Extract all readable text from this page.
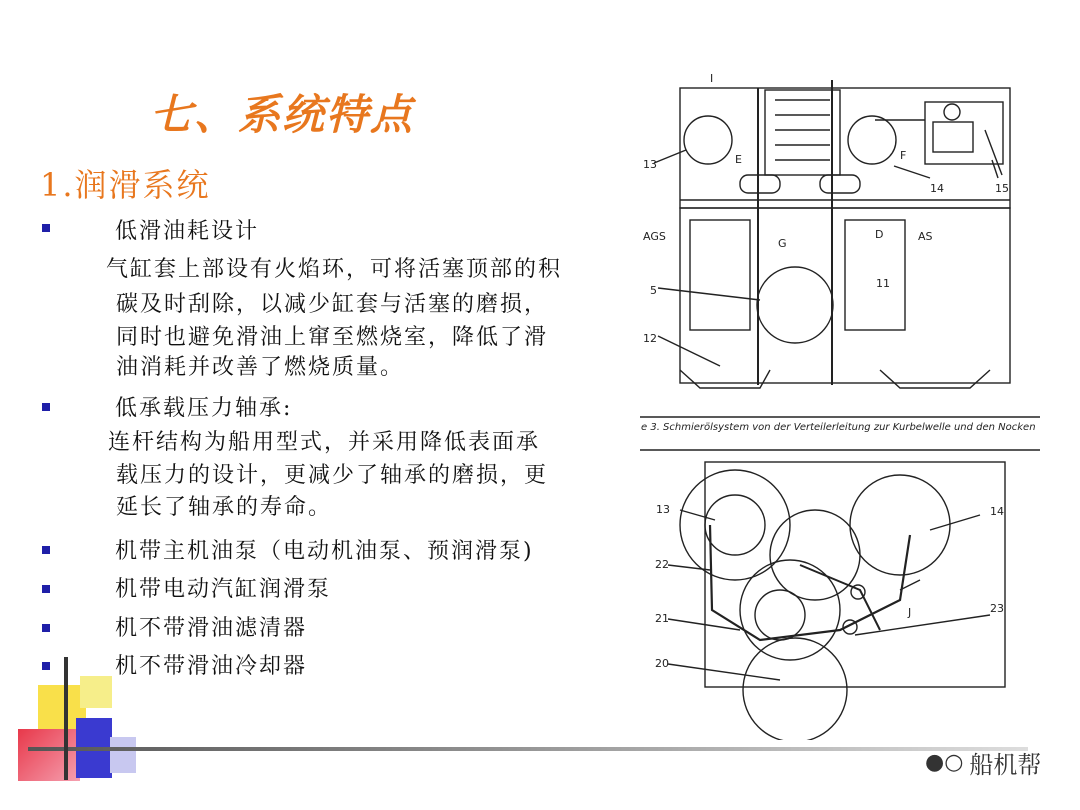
七、系统特点
1.润滑系统
低滑油耗设计
气缸套上部设有火焰环，可将活塞顶部的积
碳及时刮除，以减少缸套与活塞的磨损，
同时也避免滑油上窜至燃烧室，降低了滑
油消耗并改善了燃烧质量。
低承载压力轴承:
连杆结构为船用型式，并采用降低表面承
载压力的设计，更减少了轴承的磨损，更
延长了轴承的寿命。
机带主机油泵（电动机油泵、预润滑泵)
机带电动汽缸润滑泵
机不带滑油滤清器
机不带滑油冷却器
13
14	15
AGS	AS
5
11
12
E	F
G
D
I
13	14
22
21
20
23
J
e 3. Schmierölsystem von der Verteilerleitung zur Kurbelwelle und den Nocken
●○ 船机帮
